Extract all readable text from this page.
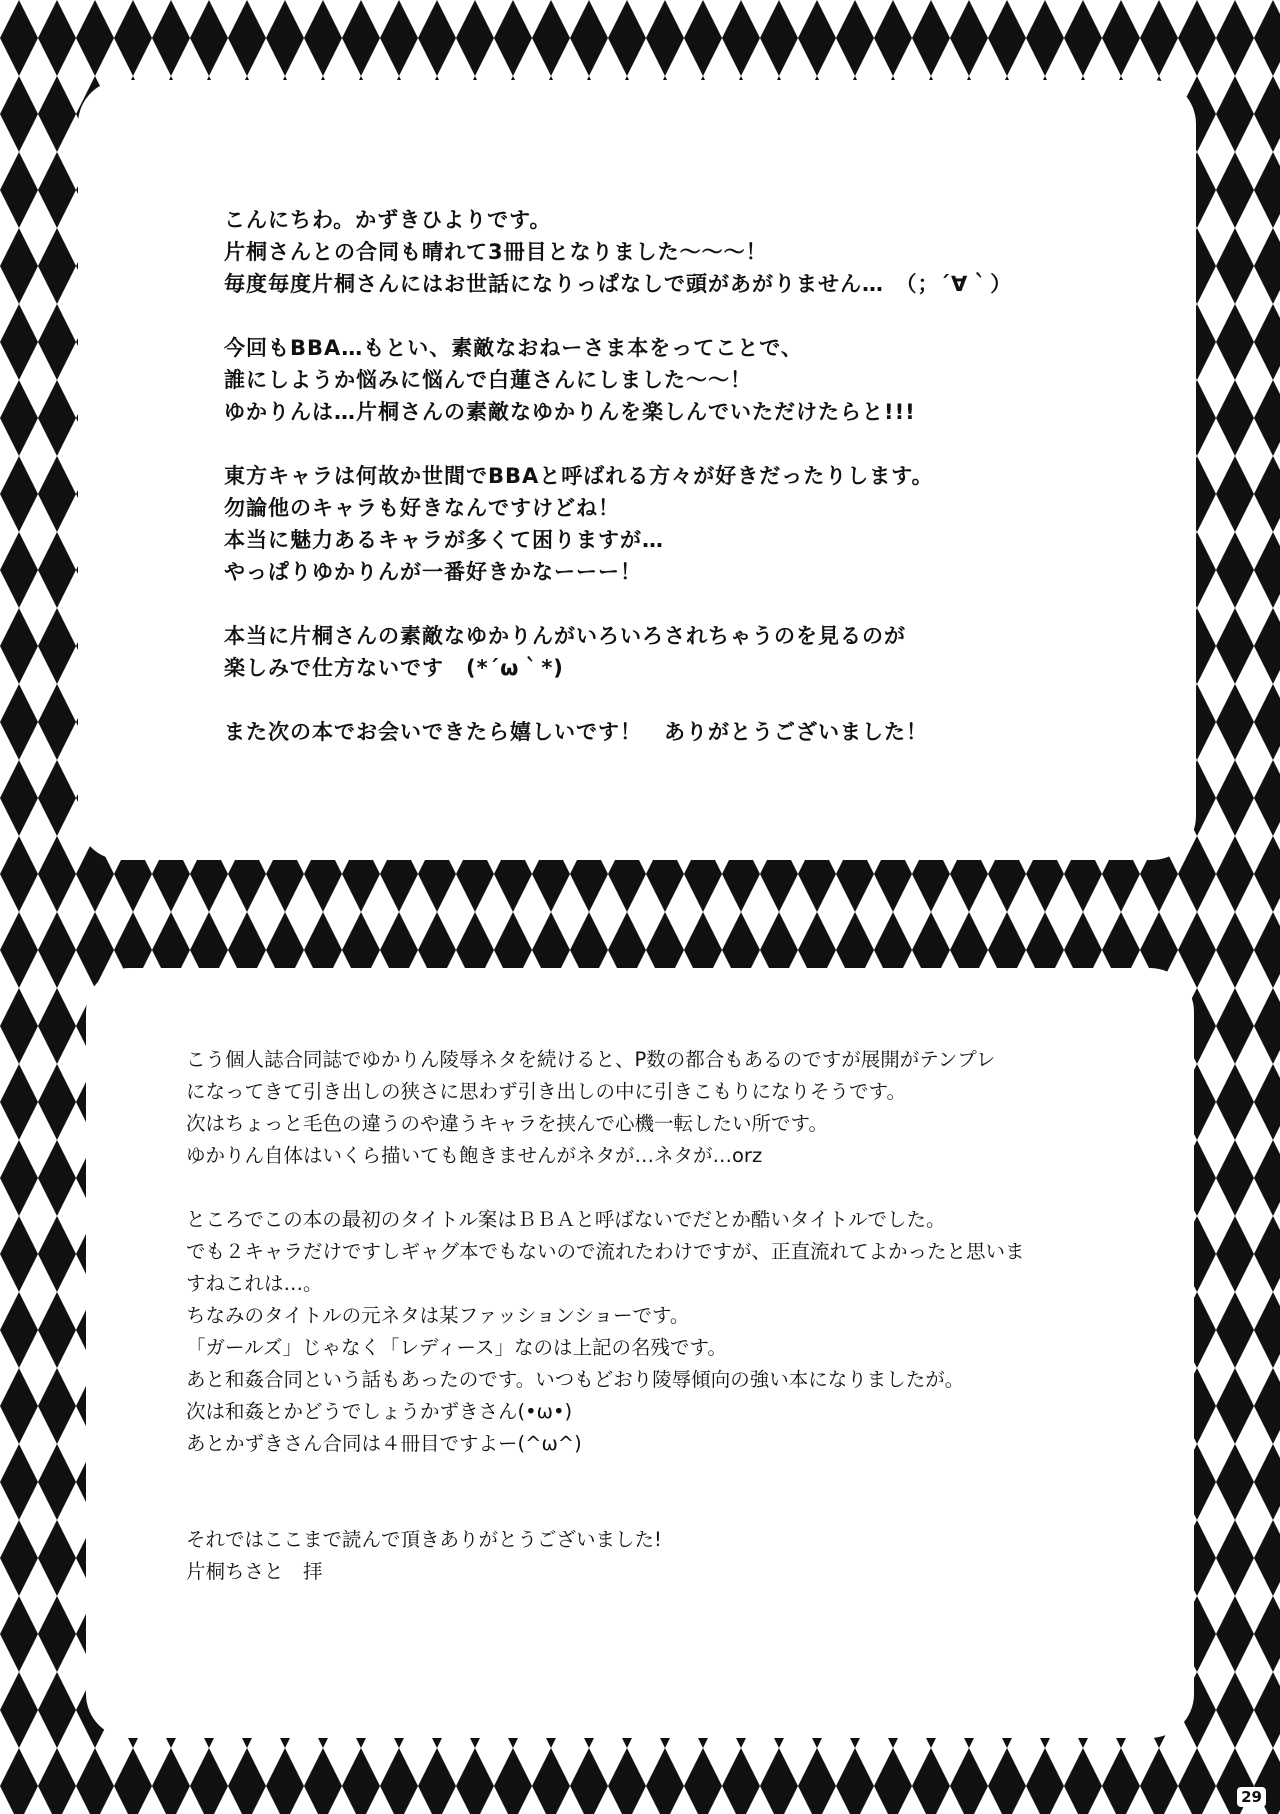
こんにちわ。かずきひよりです。
片桐さんとの合同も晴れて3冊目となりました～～～！
毎度毎度片桐さんにはお世話になりっぱなしで頭があがりません…　（；´∀｀）
今回もBBA…もとい、素敵なおねーさま本をってことで、
誰にしようか悩みに悩んで白蓮さんにしました～～！
ゆかりんは…片桐さんの素敵なゆかりんを楽しんでいただけたらと!!!
東方キャラは何故か世間でBBAと呼ばれる方々が好きだったりします。
勿論他のキャラも好きなんですけどね！
本当に魅力あるキャラが多くて困りますが…
やっぱりゆかりんが一番好きかなーーー！
本当に片桐さんの素敵なゆかりんがいろいろされちゃうのを見るのが
楽しみで仕方ないです　(*´ω｀*)
また次の本でお会いできたら嬉しいです！　ありがとうございました！
こう個人誌合同誌でゆかりん陵辱ネタを続けると、P数の都合もあるのですが展開がテンプレ
になってきて引き出しの狭さに思わず引き出しの中に引きこもりになりそうです。
次はちょっと毛色の違うのや違うキャラを挟んで心機一転したい所です。
ゆかりん自体はいくら描いても飽きませんがネタが…ネタが…orz
ところでこの本の最初のタイトル案はＢＢＡと呼ばないでだとか酷いタイトルでした。
でも２キャラだけですしギャグ本でもないので流れたわけですが、正直流れてよかったと思いま
すねこれは…。
ちなみのタイトルの元ネタは某ファッションショーです。
「ガールズ」じゃなく「レディース」なのは上記の名残です。
あと和姦合同という話もあったのです。いつもどおり陵辱傾向の強い本になりましたが。
次は和姦とかどうでしょうかずきさん(•ω•)
あとかずきさん合同は４冊目ですよー(^ω^)
それではここまで読んで頂きありがとうございました!
片桐ちさと　拝
29
